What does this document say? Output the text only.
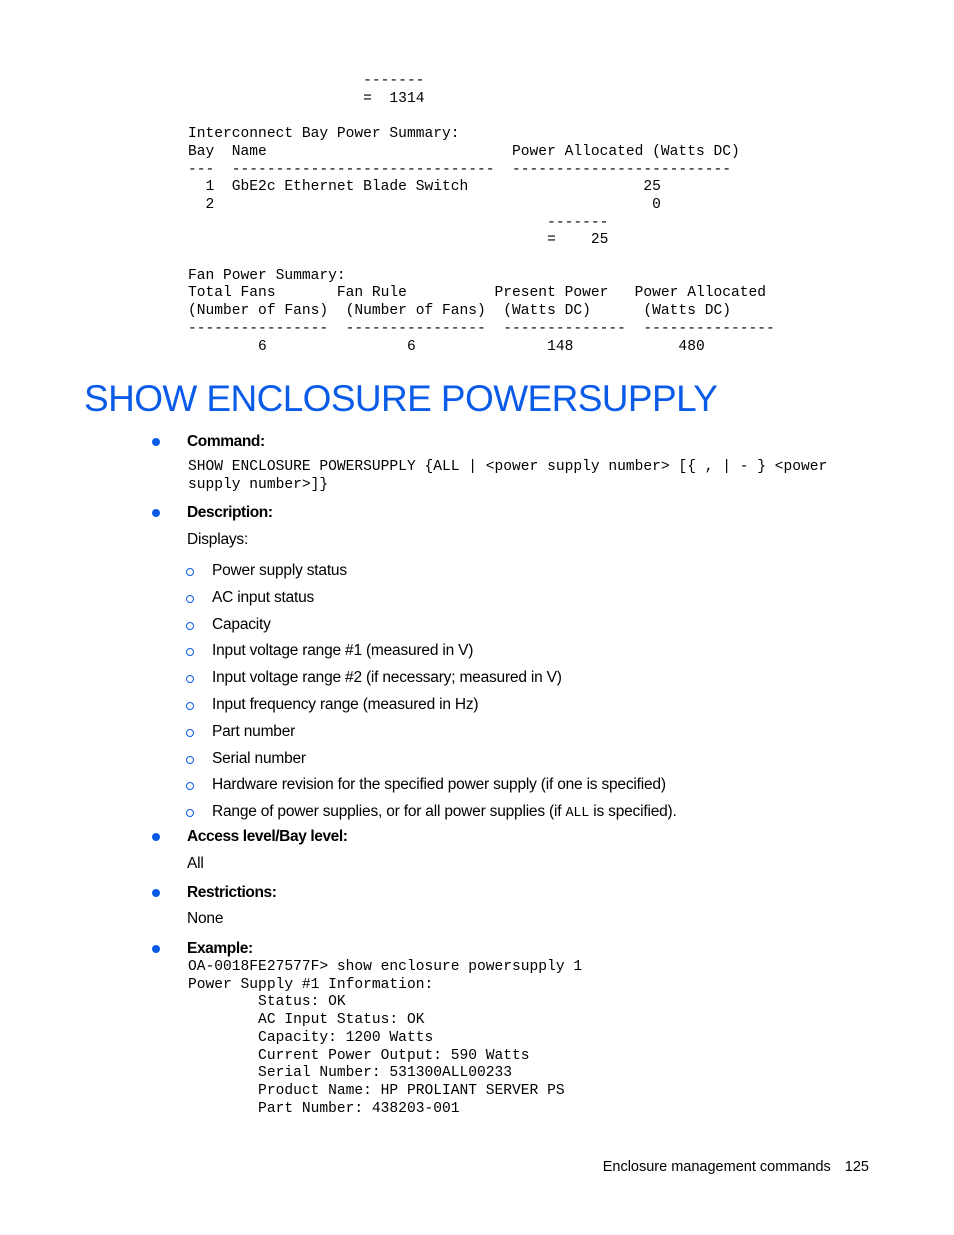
-------
=  1314

Interconnect Bay Power Summary:
Bay  Name                            Power Allocated (Watts DC)
---  ------------------------------  -------------------------
1  GbE2c Ethernet Blade Switch                    25
2                                                  0
-------
=    25

Fan Power Summary:
Total Fans       Fan Rule          Present Power   Power Allocated
(Number of Fans)  (Number of Fans)  (Watts DC)      (Watts DC)
----------------  ----------------  --------------  ---------------
6                6               148            480
SHOW ENCLOSURE POWERSUPPLY
Command:
SHOW ENCLOSURE POWERSUPPLY {ALL | <power supply number> [{ , | - } <power
supply number>]}
Description:
Displays:
Power supply status
AC input status
Capacity
Input voltage range #1 (measured in V)
Input voltage range #2 (if necessary; measured in V)
Input frequency range (measured in Hz)
Part number
Serial number
Hardware revision for the specified power supply (if one is specified)
Range of power supplies, or for all power supplies (if ALL is specified).
Access level/Bay level:
All
Restrictions:
None
Example:
OA-0018FE27577F> show enclosure powersupply 1
Power Supply #1 Information:
Status: OK
AC Input Status: OK
Capacity: 1200 Watts
Current Power Output: 590 Watts
Serial Number: 531300ALL00233
Product Name: HP PROLIANT SERVER PS
Part Number: 438203-001
Enclosure management commands 125
